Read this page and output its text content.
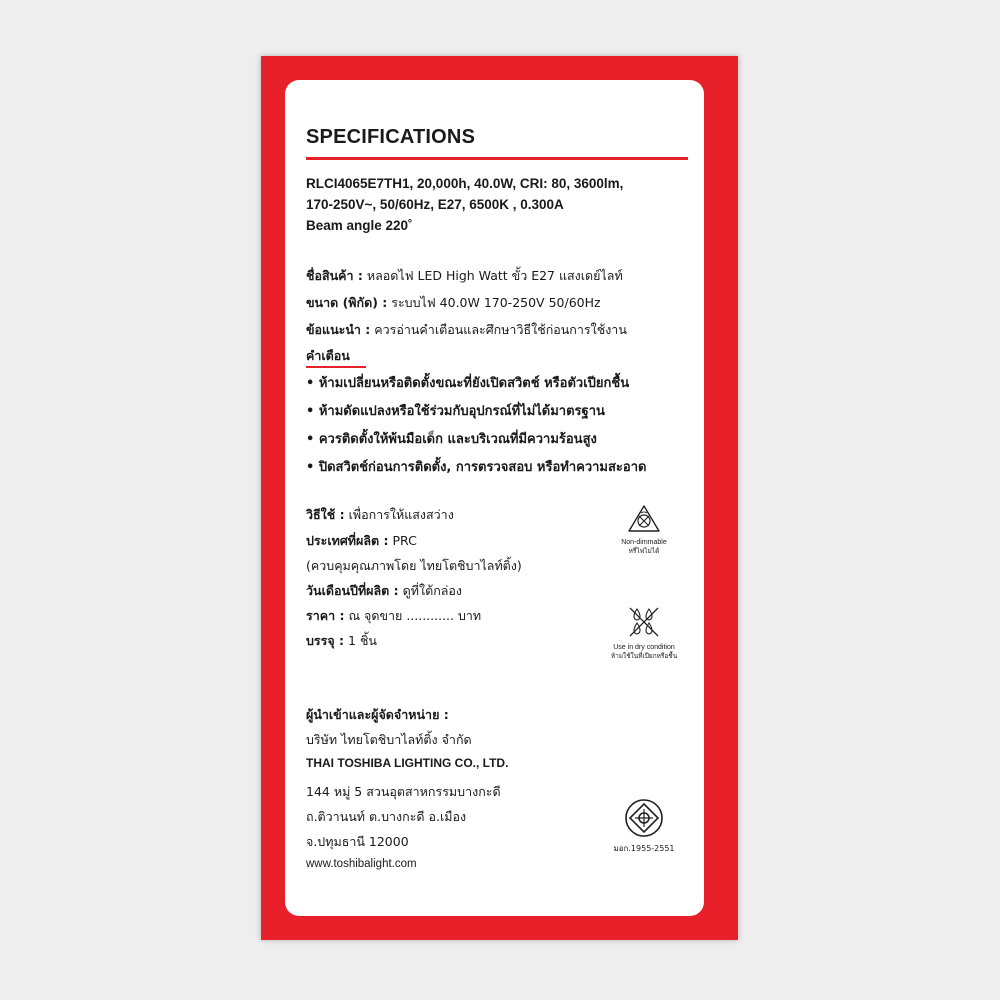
SPECIFICATIONS
RLCI4065E7TH1, 20,000h, 40.0W, CRI: 80, 3600lm,
170-250V~, 50/60Hz, E27, 6500K , 0.300A
Beam angle 220˚
ชื่อสินค้า : หลอดไฟ LED High Watt ขั้ว E27 แสงเดย์ไลท์
ขนาด (พิกัด) : ระบบไฟ 40.0W 170-250V 50/60Hz
ข้อแนะนำ : ควรอ่านคำเตือนและศึกษาวิธีใช้ก่อนการใช้งาน
คำเตือน
• ห้ามเปลี่ยนหรือติดตั้งขณะที่ยังเปิดสวิตช์ หรือตัวเปียกชื้น
• ห้ามดัดแปลงหรือใช้ร่วมกับอุปกรณ์ที่ไม่ได้มาตรฐาน
• ควรติดตั้งให้พ้นมือเด็ก และบริเวณที่มีความร้อนสูง
• ปิดสวิตช์ก่อนการติดตั้ง, การตรวจสอบ หรือทำความสะอาด
วิธีใช้ : เพื่อการให้แสงสว่าง
ประเทศที่ผลิต : PRC
(ควบคุมคุณภาพโดย ไทยโตชิบาไลท์ติ้ง)
วันเดือนปีที่ผลิต : ดูที่ใต้กล่อง
ราคา : ณ จุดขาย ............ บาท
บรรจุ : 1 ชิ้น
ผู้นำเข้าและผู้จัดจำหน่าย :
บริษัท ไทยโตชิบาไลท์ติ้ง จำกัด
THAI TOSHIBA LIGHTING CO., LTD.
144 หมู่ 5 สวนอุตสาหกรรมบางกะดี
ถ.ติวานนท์ ต.บางกะดี อ.เมือง
จ.ปทุมธานี 12000
www.toshibalight.com
Non-dimmable
หรี่ไฟไม่ได้
Use in dry condition
ห้ามใช้ในที่เปียกหรือชื้น
มอก.1955-2551
